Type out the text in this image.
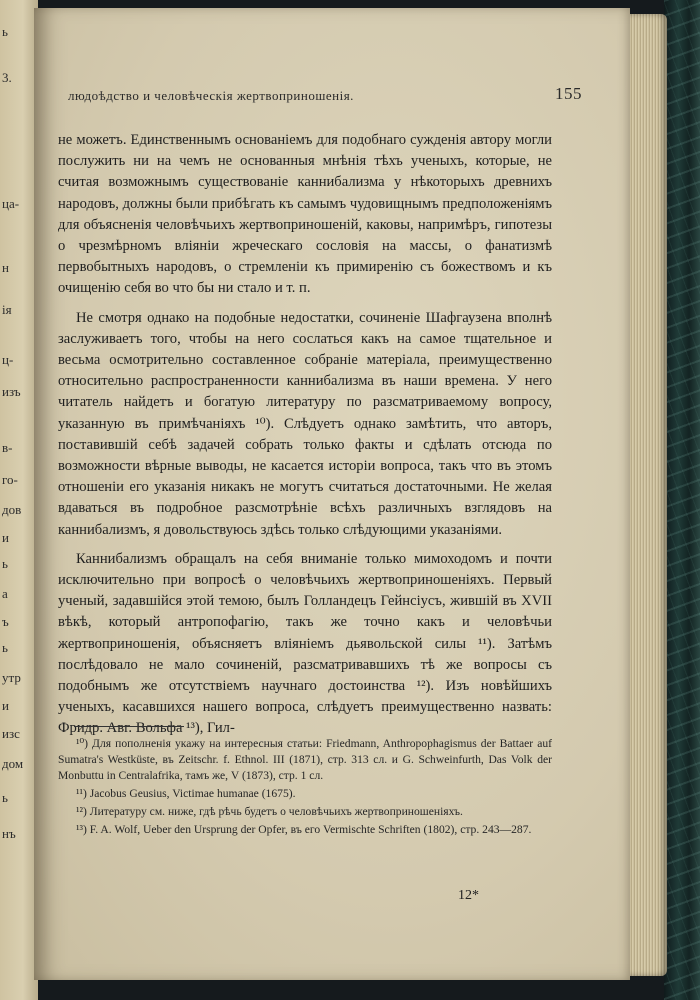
ь
3.
ца-
н
ія
ц-
изъ
в-
го-
дов
и
ь
а
ъ
ь
утр
и
изс
дом
ь
нъ
людоѣдство и человѣческія жертвоприношенія.	155

не можетъ. Единственнымъ основаніемъ для подобнаго сужденія автору могли послужить ни на чемъ не основанныя мнѣнія тѣхъ ученыхъ, которые, не считая возможнымъ существованіе каннибализма у нѣкоторыхъ древнихъ народовъ, должны были прибѣгать къ самымъ чудовищнымъ предположеніямъ для объясненія человѣчьихъ жертвоприношеній, каковы, напримѣръ, гипотезы о чрезмѣрномъ вліяніи жреческаго сословія на массы, о фанатизмѣ первобытныхъ народовъ, о стремленіи къ примиренію съ божествомъ и къ очищенію себя во что бы ни стало и т. п.

Не смотря однако на подобные недостатки, сочиненіе Шафгаузена вполнѣ заслуживаетъ того, чтобы на него сослаться какъ на самое тщательное и весьма осмотрительно составленное собраніе матеріала, преимущественно относительно распространенности каннибализма въ наши времена. У него читатель найдетъ и богатую литературу по разсматриваемому вопросу, указанную въ примѣчаніяхъ ¹⁰). Слѣдуетъ однако замѣтить, что авторъ, поставившій себѣ задачей собрать только факты и сдѣлать отсюда по возможности вѣрные выводы, не касается исторіи вопроса, такъ что въ этомъ отношеніи его указанія никакъ не могутъ считаться достаточными. Не желая вдаваться въ подробное разсмотрѣніе всѣхъ различныхъ взглядовъ на каннибализмъ, я довольствуюсь здѣсь только слѣдующими указаніями.

Каннибализмъ обращалъ на себя вниманіе только мимоходомъ и почти исключительно при вопросѣ о человѣчьихъ жертвоприношеніяхъ. Первый ученый, задавшійся этой темою, былъ Голландецъ Гейнсіусъ, жившій въ XVII вѣкѣ, который антропофагію, такъ же точно какъ и человѣчьи жертвоприношенія, объясняетъ вліяніемъ дьявольской силы ¹¹). Затѣмъ послѣдовало не мало сочиненій, разсматривавшихъ тѣ же вопросы съ подобнымъ же отсутствіемъ научнаго достоинства ¹²). Изъ новѣйшихъ ученыхъ, касавшихся нашего вопроса, слѣдуетъ преимущественно назвать: Фридр. Авг. Вольфа ¹³), Гил-

¹⁰) Для пополненія укажу на интересныя статьи: Friedmann, Anthropophagismus der Battaer auf Sumatra's Westküste, въ Zeitschr. f. Ethnol. III (1871), стр. 313 сл. и G. Schweinfurth, Das Volk der Monbuttu in Centralafrika, тамъ же, V (1873), стр. 1 сл.

¹¹) Jacobus Geusius, Victimae humanae (1675).

¹²) Литературу см. ниже, гдѣ рѣчь будетъ о человѣчьихъ жертвоприношеніяхъ.

¹³) F. A. Wolf, Ueber den Ursprung der Opfer, въ его Vermischte Schriften (1802), стр. 243—287.

12*
